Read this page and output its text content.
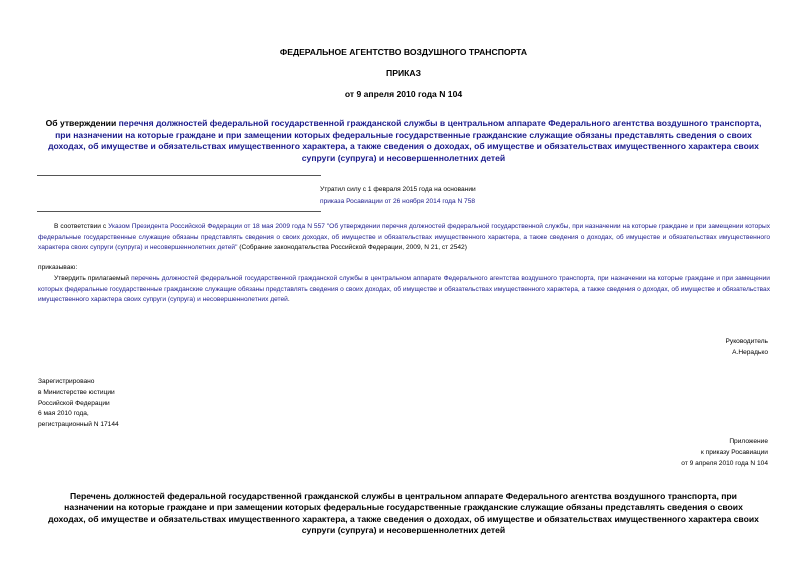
ФЕДЕРАЛЬНОЕ АГЕНТСТВО ВОЗДУШНОГО ТРАНСПОРТА
ПРИКАЗ
от 9 апреля 2010 года N 104
Об утверждении перечня должностей федеральной государственной гражданской службы в центральном аппарате Федерального агентства воздушного транспорта, при назначении на которые граждане и при замещении которых федеральные государственные гражданские служащие обязаны представлять сведения о своих доходах, об имуществе и обязательствах имущественного характера, а также сведения о доходах, об имуществе и обязательствах имущественного характера своих супруги (супруга) и несовершеннолетних детей
Утратил силу с 1 февраля 2015 года на основании
приказа Росавиации от 26 ноября 2014 года N 758
В соответствии с Указом Президента Российской Федерации от 18 мая 2009 года N 557 "Об утверждении перечня должностей федеральной государственной службы, при назначении на которые граждане и при замещении которых федеральные государственные служащие обязаны представлять сведения о своих доходах, об имуществе и обязательствах имущественного характера, а также сведения о доходах, об имуществе и обязательствах имущественного характера своих супруги (супруга) и несовершеннолетних детей" (Собрание законодательства Российской Федерации, 2009, N 21, ст 2542)
приказываю:
Утвердить прилагаемый перечень должностей федеральной государственной гражданской службы в центральном аппарате Федерального агентства воздушного транспорта, при назначении на которые граждане и при замещении которых федеральные государственные гражданские служащие обязаны представлять сведения о своих доходах, об имуществе и обязательствах имущественного характера, а также сведения о доходах, об имуществе и обязательствах имущественного характера своих супруги (супруга) и несовершеннолетних детей.
Руководитель
А.Нерадько
Зарегистрировано
в Министерстве юстиции
Российской Федерации
6 мая 2010 года,
регистрационный N 17144
Приложение
к приказу Росавиации
от 9 апреля 2010 года N 104
Перечень должностей федеральной государственной гражданской службы в центральном аппарате Федерального агентства воздушного транспорта, при назначении на которые граждане и при замещении которых федеральные государственные гражданские служащие обязаны представлять сведения о своих доходах, об имуществе и обязательствах имущественного характера, а также сведения о доходах, об имуществе и обязательствах имущественного характера своих супруги (супруга) и несовершеннолетних детей
